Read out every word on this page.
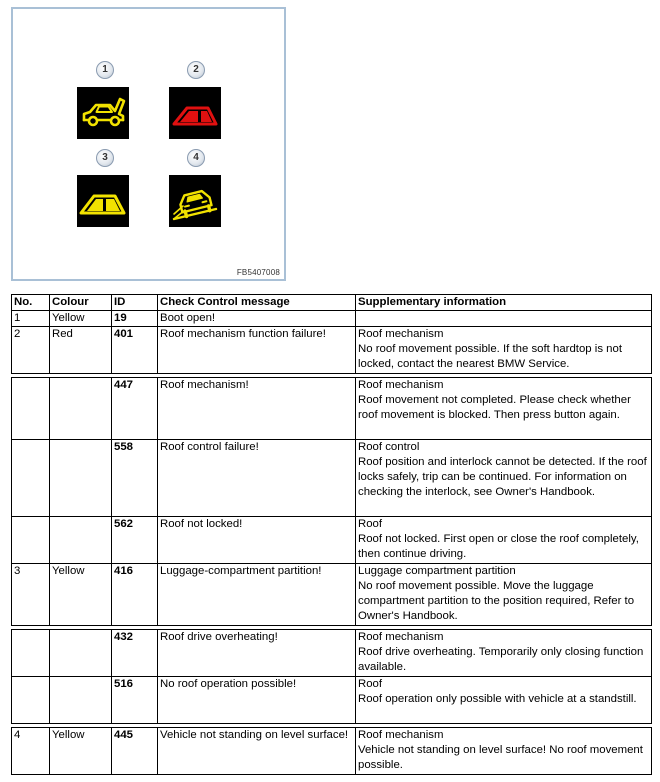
1	2
3	4
FB5407008
No.	Colour	ID	Check Control message	Supplementary information
1	Yellow	19	Boot open!	

2	Red	401	Roof mechanism function failure!	Roof mechanism
No roof movement possible. If the soft hardtop is not locked, contact the nearest BMW Service.

		447	Roof mechanism!	Roof mechanism
Roof movement not completed. Please check whether roof movement is blocked. Then press button again.

		558	Roof control failure!	Roof control
Roof position and interlock cannot be detected. If the roof locks safely, trip can be continued. For information on checking the interlock, see Owner's Handbook.

		562	Roof not locked!	Roof
Roof not locked. First open or close the roof completely, then continue driving.

3	Yellow	416	Luggage-compartment partition!	Luggage compartment partition
No roof movement possible. Move the luggage compartment partition to the position required, Refer to Owner's Handbook.

		432	Roof drive overheating!	Roof mechanism
Roof drive overheating. Temporarily only closing function available.

		516	No roof operation possible!	Roof
Roof operation only possible with vehicle at a standstill.

4	Yellow	445	Vehicle not standing on level surface!	Roof mechanism
Vehicle not standing on level surface! No roof movement possible.
